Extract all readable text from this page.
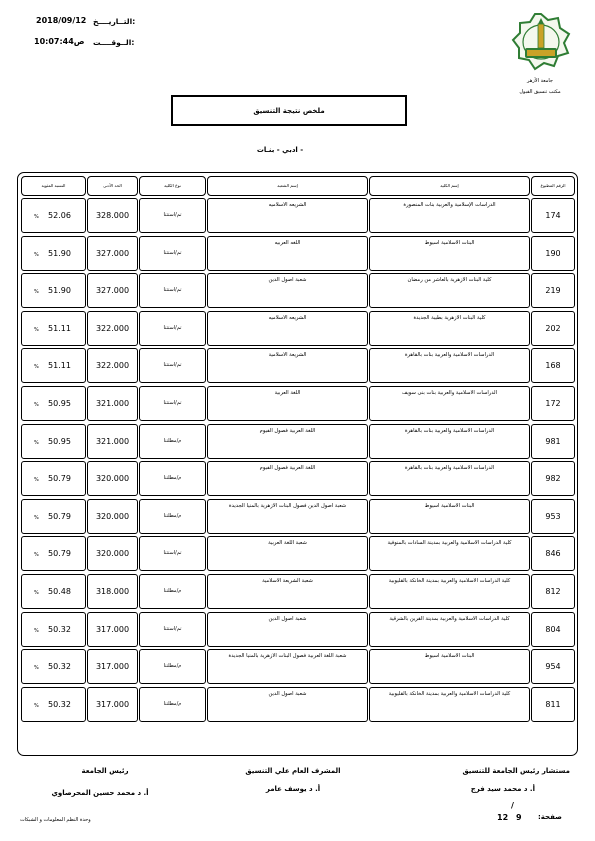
التــاريــــخ:
2018/09/12
الــوقــــت:
ص10:07:44
جامعة الأزهر
مكتب تنسيق القبول
ملخص نتيجة التنسيق
- ادبي - بنـات
الرقم المطبوع
إسم الكلية
إسم الشعبة
نوع الكلية
الحد الأدنى
النسبة المئوية
174
الدراسات الإسلامية والعربية بنات المنصورة
الشريعه الاسلاميه
تم/استثنا
328.000
52.06
%
190
البنات الاسلامية اسيوط
اللغه العربيه
تم/استثنا
327.000
51.90
%
219
كلية البنات الازهرية بالعاشر من رمضان
شعبة اصول الدين
تم/استثنا
327.000
51.90
%
202
كلية البنات الازهرية بطيبة الجديدة
الشريعه الاسلاميه
تم/استثنا
322.000
51.11
%
168
الدراسات الاسلامية والعربية بنات بالقاهرة
الشريعة الاسلامية
تم/استثنا
322.000
51.11
%
172
الدراسات الاسلامية والعربية بنات بنى سويف
اللغة العربية
تم/استثنا
321.000
50.95
%
981
الدراسات الاسلامية والعربية بنات بالقاهرة
اللغة العربية فصول الفيوم
م/مطلتنا
321.000
50.95
%
982
الدراسات الاسلامية والعربية بنات بالقاهرة
اللغة العربية فصول الفيوم
م/مطلتنا
320.000
50.79
%
953
البنات الاسلامية اسيوط
شعبة اصول الدين فصول البنات الازهرية بالمنيا الجديدة
م/مطلتنا
320.000
50.79
%
846
كلية الدراسات الاسلامية والعربية بمدينة السادات بالمنوفية
شعبة اللغة العربية
تم/استثنا
320.000
50.79
%
812
كلية الدراسات الاسلامية والعربية بمدينة الخانكة بالقليوبية
شعبة الشريعة الاسلامية
م/مطلتنا
318.000
50.48
%
804
كلية الدراسات الاسلامية والعربية بمدينة القرين بالشرقية
شعبة اصول الدين
تم/استثنا
317.000
50.32
%
954
البنات الاسلامية اسيوط
شعبة اللغة العربية فصول البنات الازهرية بالمنيا الجديدة
م/مطلتنا
317.000
50.32
%
811
كلية الدراسات الاسلامية والعربية بمدينة الخانكة بالقليوبية
شعبة اصول الدين
م/مطلتنا
317.000
50.32
%
مستشار رئيس الجامعة للتنسيق
أ. د محمد سيد فرج
المشرف العام علي التنسيق
أ. د يوسف عامر
رئيس الجامعة
أ. د محمد حسين المحرصاوي
/
12 9 صفحة:
وحدة النظم المعلومات و الشبكات
